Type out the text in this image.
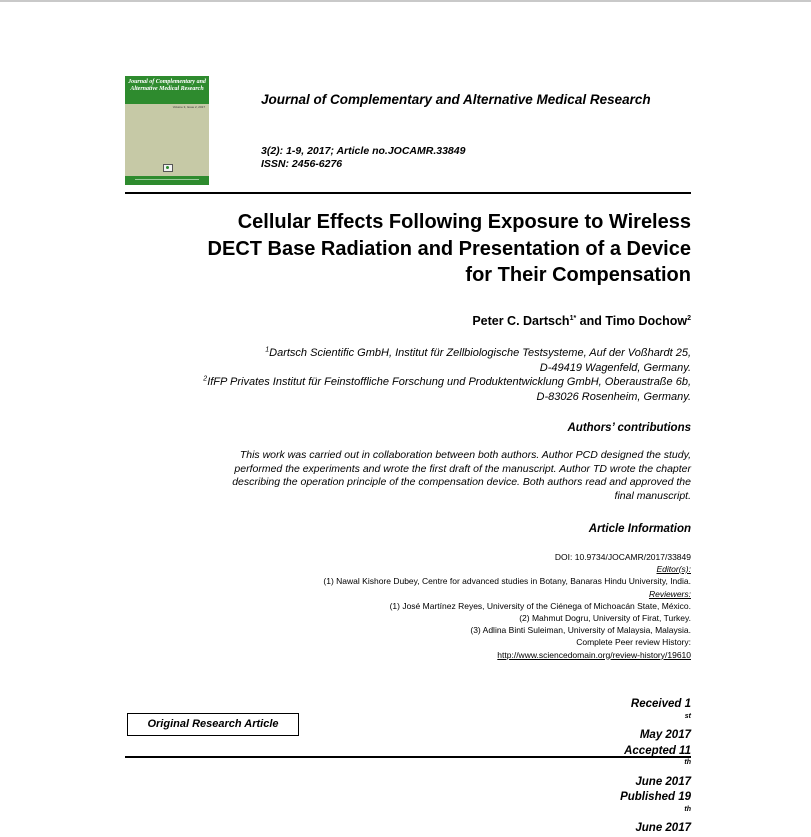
Journal of Complementary and Alternative Medical Research
Volume 3, Issue 2, 2017	Journal of Complementary and Alternative Medical Research
3(2): 1-9, 2017; Article no.JOCAMR.33849
ISSN: 2456-6276
Cellular Effects Following Exposure to Wireless
DECT Base Radiation and Presentation of a Device
for Their Compensation
Peter C. Dartsch$^{1*}$ and Timo Dochow$^2$
$^1$Dartsch Scientific GmbH, Institut für Zellbiologische Testsysteme, Auf der Voßhardt 25,
D-49419 Wagenfeld, Germany.
$^2$IfFP Privates Institut für Feinstoffliche Forschung und Produktentwicklung GmbH, Oberaustraße 6b,
D-83026 Rosenheim, Germany.
Authors’ contributions
This work was carried out in collaboration between both authors. Author PCD designed the study,
performed the experiments and wrote the first draft of the manuscript. Author TD wrote the chapter
describing the operation principle of the compensation device. Both authors read and approved the
final manuscript.
Article Information
DOI: 10.9734/JOCAMR/2017/33849
Editor(s):
(1) Nawal Kishore Dubey, Centre for advanced studies in Botany, Banaras Hindu University, India.
Reviewers:
(1) José Martínez Reyes, University of the Ciénega of Michoacán State, México.
(2) Mahmut Dogru, University of Firat, Turkey.
(3) Adlina Binti Suleiman, University of Malaysia, Malaysia.
Complete Peer review History:
http://www.sciencedomain.org/review-history/19610
Original Research Article
Received 1
$^{st}$
May 2017
Accepted 11
$^{th}$
June 2017
Published 19
$^{th}$
June 2017
